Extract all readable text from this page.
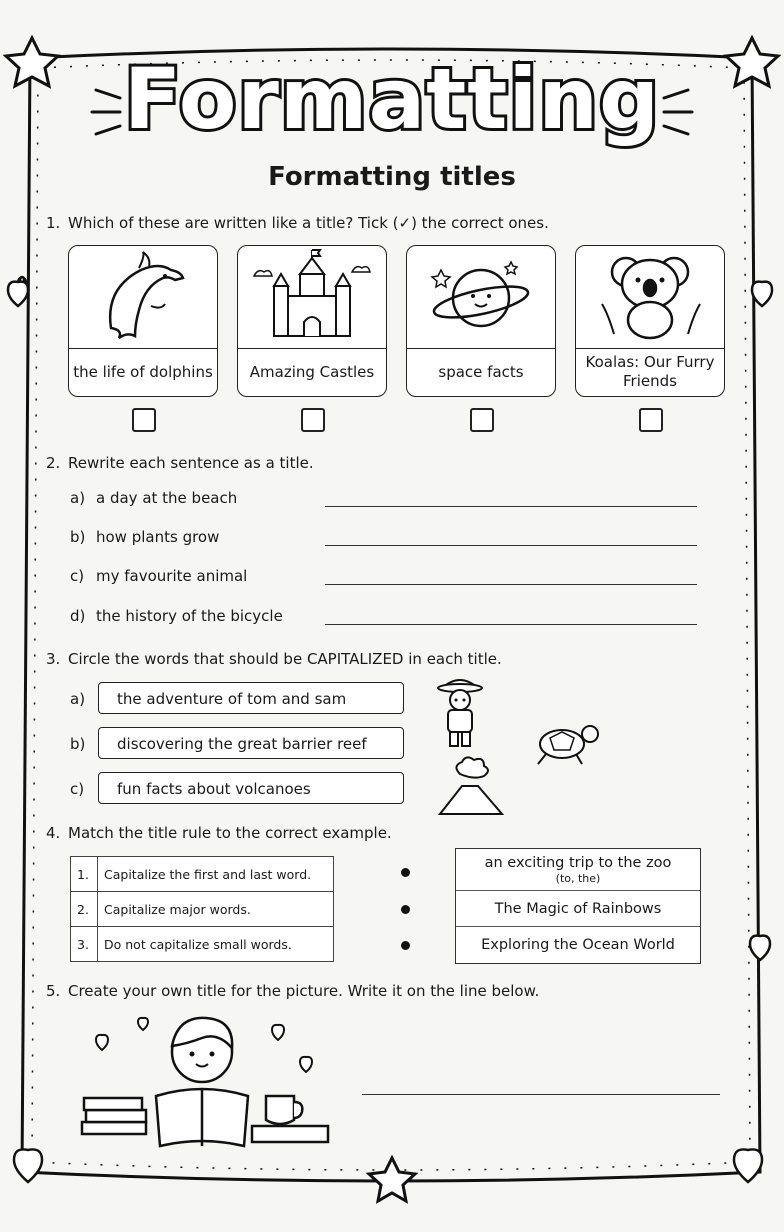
Formatting
Formatting titles
1. Which of these are written like a title? Tick (✓) the correct ones.
the life of dolphins	Amazing Castles	space facts
Koalas: Our Furry Friends
2. Rewrite each sentence as a title.
a) a day at the beach
b) how plants grow
c) my favourite animal
d) the history of the bicycle
3. Circle the words that should be CAPITALIZED in each title.
a)	the adventure of tom and sam
b)	discovering the great barrier reef
c)	fun facts about volcanoes
4. Match the title rule to the correct example.
1.	Capitalize the first and last word.
2.	Capitalize major words.
3.	Do not capitalize small words.
an exciting trip to the zoo
(to, the)
The Magic of Rainbows
Exploring the Ocean World
5. Create your own title for the picture. Write it on the line below.
